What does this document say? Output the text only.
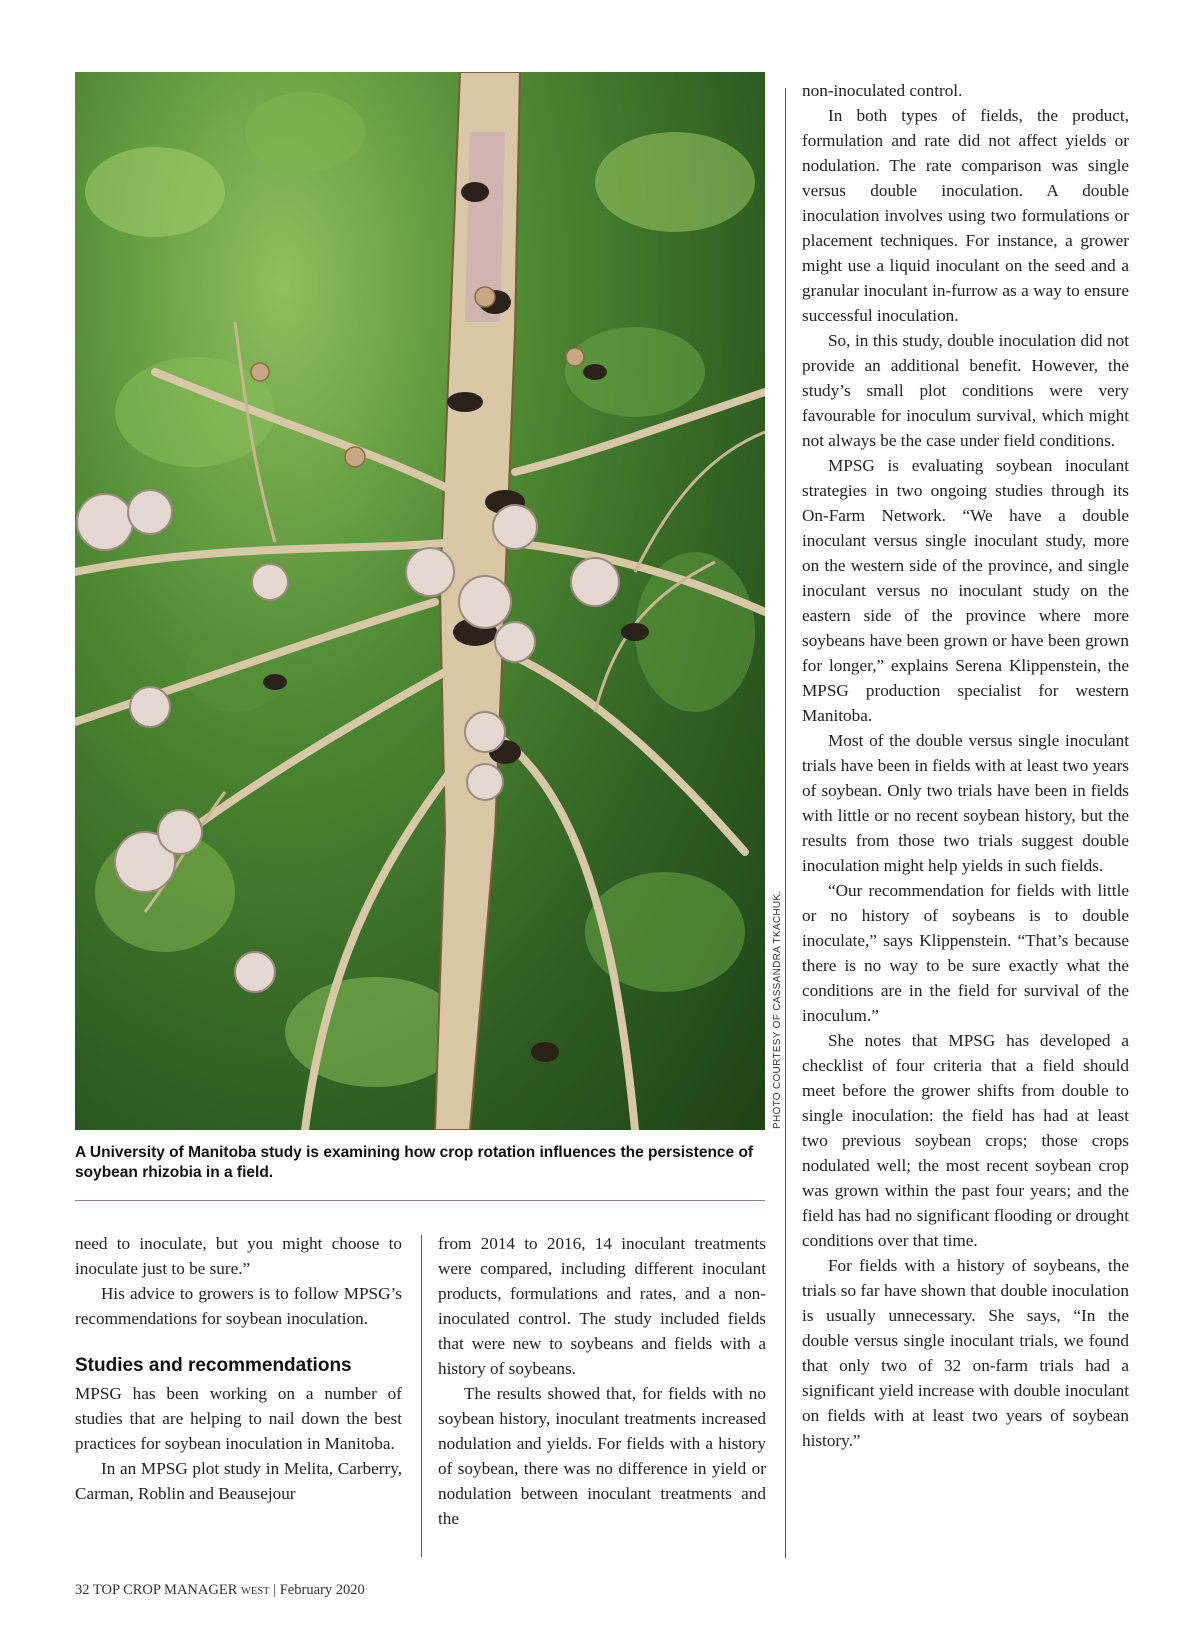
PHOTO COURTESY OF CASSANDRA TKACHUK.
A University of Manitoba study is examining how crop rotation influences the persistence of soybean rhizobia in a field.

need to inoculate, but you might choose to inoculate just to be sure.”

His advice to growers is to follow MPSG’s recommendations for soybean inoculation.

Studies and recommendations

MPSG has been working on a number of studies that are helping to nail down the best practices for soybean inoculation in Manitoba.

In an MPSG plot study in Melita, Carberry, Carman, Roblin and Beausejour

from 2014 to 2016, 14 inoculant treatments were compared, including different inoculant products, formulations and rates, and a non-inoculated control. The study included fields that were new to soybeans and fields with a history of soybeans.

The results showed that, for fields with no soybean history, inoculant treatments increased nodulation and yields. For fields with a history of soybean, there was no difference in yield or nodulation between inoculant treatments and the

non-inoculated control.

In both types of fields, the product, formulation and rate did not affect yields or nodulation. The rate comparison was single versus double inoculation. A double inoculation involves using two formulations or placement techniques. For instance, a grower might use a liquid inoculant on the seed and a granular inoculant in-furrow as a way to ensure successful inoculation.

So, in this study, double inoculation did not provide an additional benefit. However, the study’s small plot conditions were very favourable for inoculum survival, which might not always be the case under field conditions.

MPSG is evaluating soybean inoculant strategies in two ongoing studies through its On-Farm Network. “We have a double inoculant versus single inoculant study, more on the western side of the province, and single inoculant versus no inoculant study on the eastern side of the province where more soybeans have been grown or have been grown for longer,” explains Serena Klippenstein, the MPSG production specialist for western Manitoba.

Most of the double versus single inoculant trials have been in fields with at least two years of soybean. Only two trials have been in fields with little or no recent soybean history, but the results from those two trials suggest double inoculation might help yields in such fields.

“Our recommendation for fields with little or no history of soybeans is to double inoculate,” says Klippenstein. “That’s because there is no way to be sure exactly what the conditions are in the field for survival of the inoculum.”

She notes that MPSG has developed a checklist of four criteria that a field should meet before the grower shifts from double to single inoculation: the field has had at least two previous soybean crops; those crops nodulated well; the most recent soybean crop was grown within the past four years; and the field has had no significant flooding or drought conditions over that time.

For fields with a history of soybeans, the trials so far have shown that double inoculation is usually unnecessary. She says, “In the double versus single inoculant trials, we found that only two of 32 on-farm trials had a significant yield increase with double inoculant on fields with at least two years of soybean history.”

32 TOP CROP MANAGER WEST | February 2020
